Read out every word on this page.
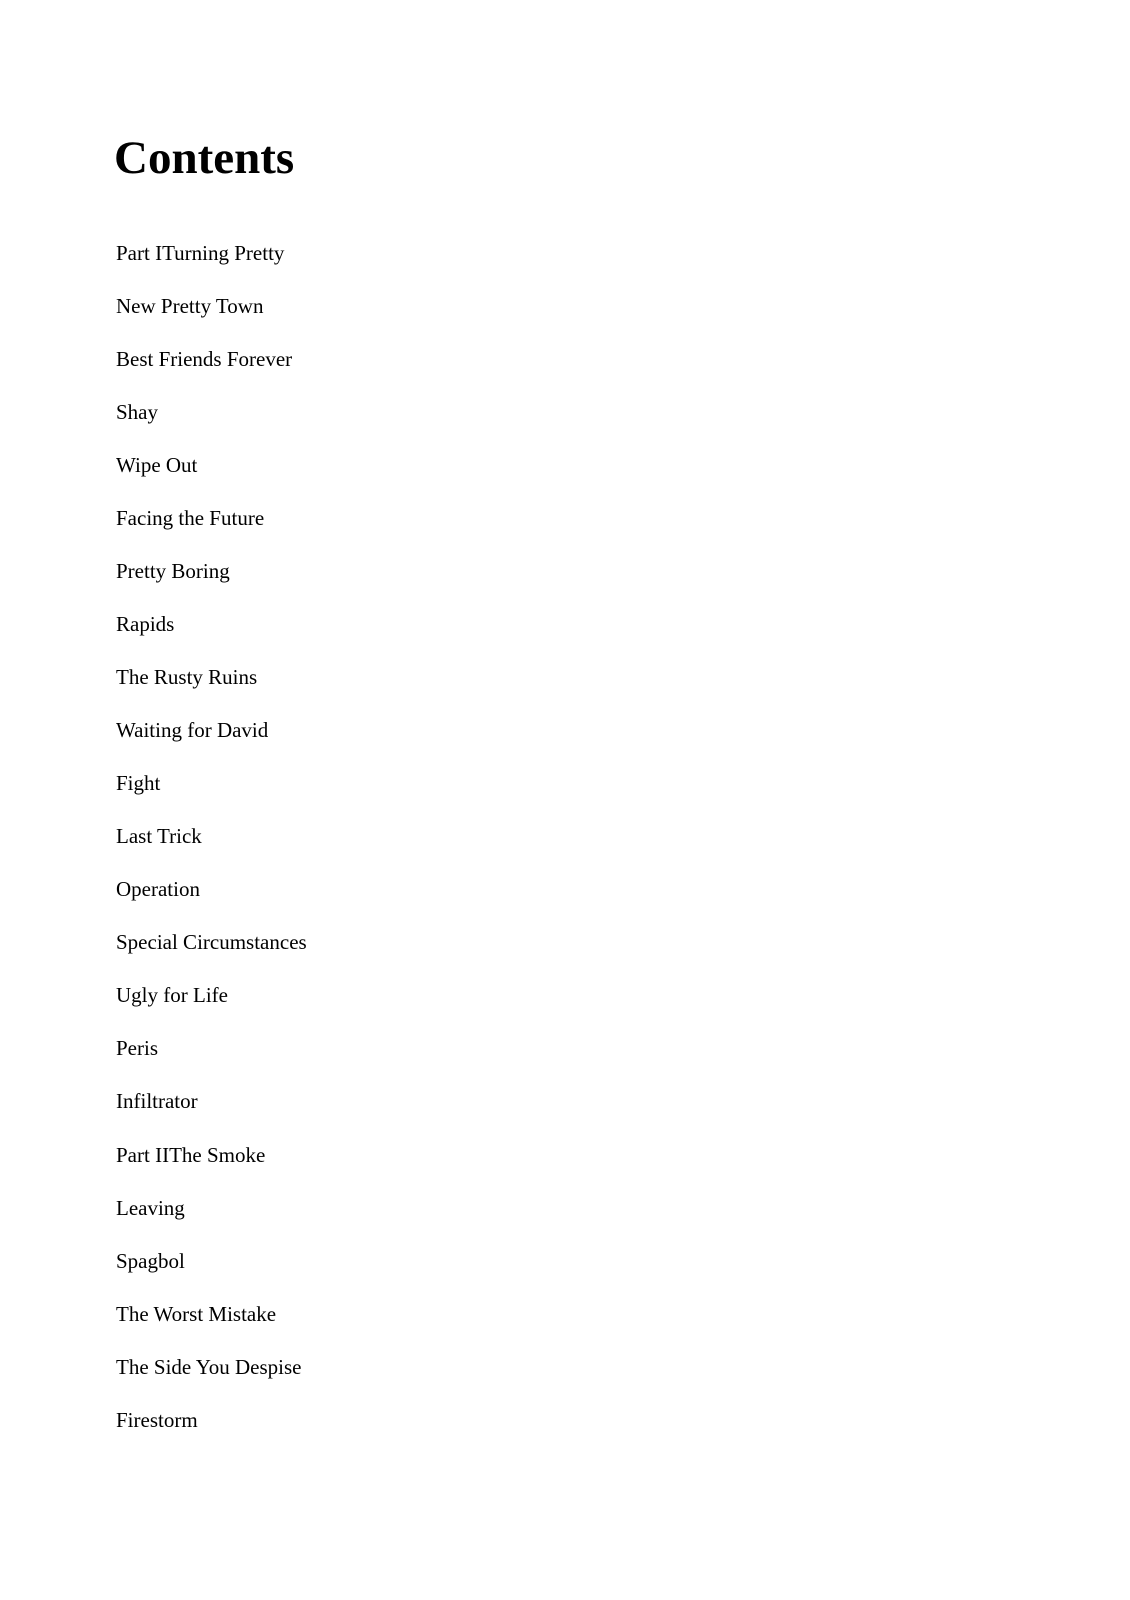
Contents

Part ITurning Pretty

New Pretty Town

Best Friends Forever

Shay

Wipe Out

Facing the Future

Pretty Boring

Rapids

The Rusty Ruins

Waiting for David

Fight

Last Trick

Operation

Special Circumstances

Ugly for Life

Peris

Infiltrator

Part IIThe Smoke

Leaving

Spagbol

The Worst Mistake

The Side You Despise

Firestorm
